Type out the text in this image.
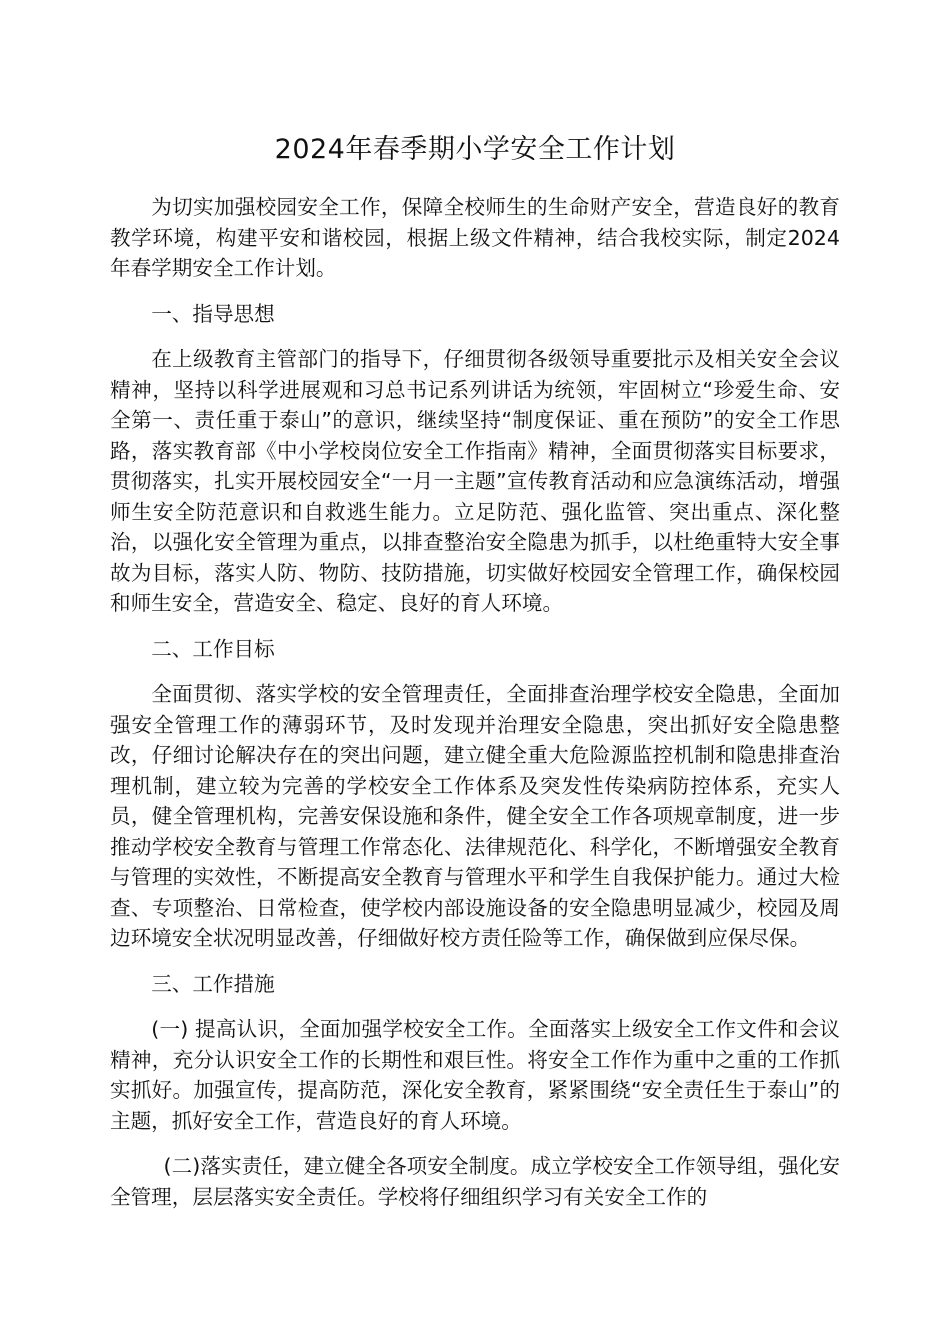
2024年春季期小学安全工作计划

为切实加强校园安全工作，保障全校师生的生命财产安全，营造良好的教育教学环境，构建平安和谐校园，根据上级文件精神，结合我校实际，制定2024年春学期安全工作计划。

一、指导思想

在上级教育主管部门的指导下，仔细贯彻各级领导重要批示及相关安全会议精神，坚持以科学进展观和习总书记系列讲话为统领，牢固树立“珍爱生命、安全第一、责任重于泰山”的意识，继续坚持“制度保证、重在预防”的安全工作思路，落实教育部《中小学校岗位安全工作指南》精神，全面贯彻落实目标要求，贯彻落实，扎实开展校园安全“一月一主题”宣传教育活动和应急演练活动，增强师生安全防范意识和自救逃生能力。立足防范、强化监管、突出重点、深化整治，以强化安全管理为重点，以排查整治安全隐患为抓手，以杜绝重特大安全事故为目标，落实人防、物防、技防措施，切实做好校园安全管理工作，确保校园和师生安全，营造安全、稳定、良好的育人环境。

二、工作目标

全面贯彻、落实学校的安全管理责任，全面排查治理学校安全隐患，全面加强安全管理工作的薄弱环节，及时发现并治理安全隐患，突出抓好安全隐患整改，仔细讨论解决存在的突出问题，建立健全重大危险源监控机制和隐患排查治理机制，建立较为完善的学校安全工作体系及突发性传染病防控体系，充实人员，健全管理机构，完善安保设施和条件，健全安全工作各项规章制度，进一步推动学校安全教育与管理工作常态化、法律规范化、科学化，不断增强安全教育与管理的实效性，不断提高安全教育与管理水平和学生自我保护能力。通过大检查、专项整治、日常检查，使学校内部设施设备的安全隐患明显减少，校园及周边环境安全状况明显改善，仔细做好校方责任险等工作，确保做到应保尽保。

三、工作措施

(一) 提高认识，全面加强学校安全工作。全面落实上级安全工作文件和会议精神，充分认识安全工作的长期性和艰巨性。将安全工作作为重中之重的工作抓实抓好。加强宣传，提高防范，深化安全教育，紧紧围绕“安全责任生于泰山”的主题，抓好安全工作，营造良好的育人环境。

(二)落实责任，建立健全各项安全制度。成立学校安全工作领导组，强化安全管理，层层落实安全责任。学校将仔细组织学习有关安全工作的
